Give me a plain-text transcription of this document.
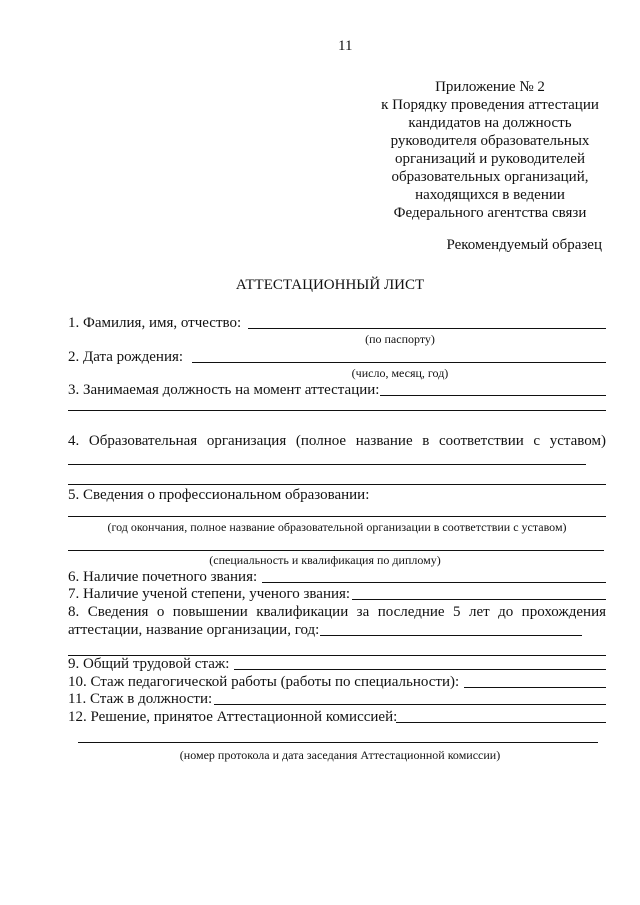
11
Приложение № 2
к Порядку проведения аттестации
кандидатов на должность
руководителя образовательных
организаций и руководителей
образовательных организаций,
находящихся в ведении
Федерального агентства связи
Рекомендуемый образец
АТТЕСТАЦИОННЫЙ ЛИСТ
1. Фамилия, имя, отчество:
(по паспорту)
2. Дата рождения:
(число, месяц, год)
3. Занимаемая должность на момент аттестации:
4. Образовательная организация (полное название в соответствии с уставом)
5. Сведения о профессиональном образовании:
(год окончания, полное название образовательной организации в соответствии с уставом)
(специальность и квалификация по диплому)
6. Наличие почетного звания:
7. Наличие ученой степени, ученого звания:
8. Сведения о повышении квалификации за последние 5 лет до прохождения
аттестации, название организации, год:
9. Общий трудовой стаж:
10. Стаж педагогической работы (работы по специальности):
11. Стаж в должности:
12. Решение, принятое Аттестационной комиссией:
(номер протокола и дата заседания Аттестационной комиссии)
